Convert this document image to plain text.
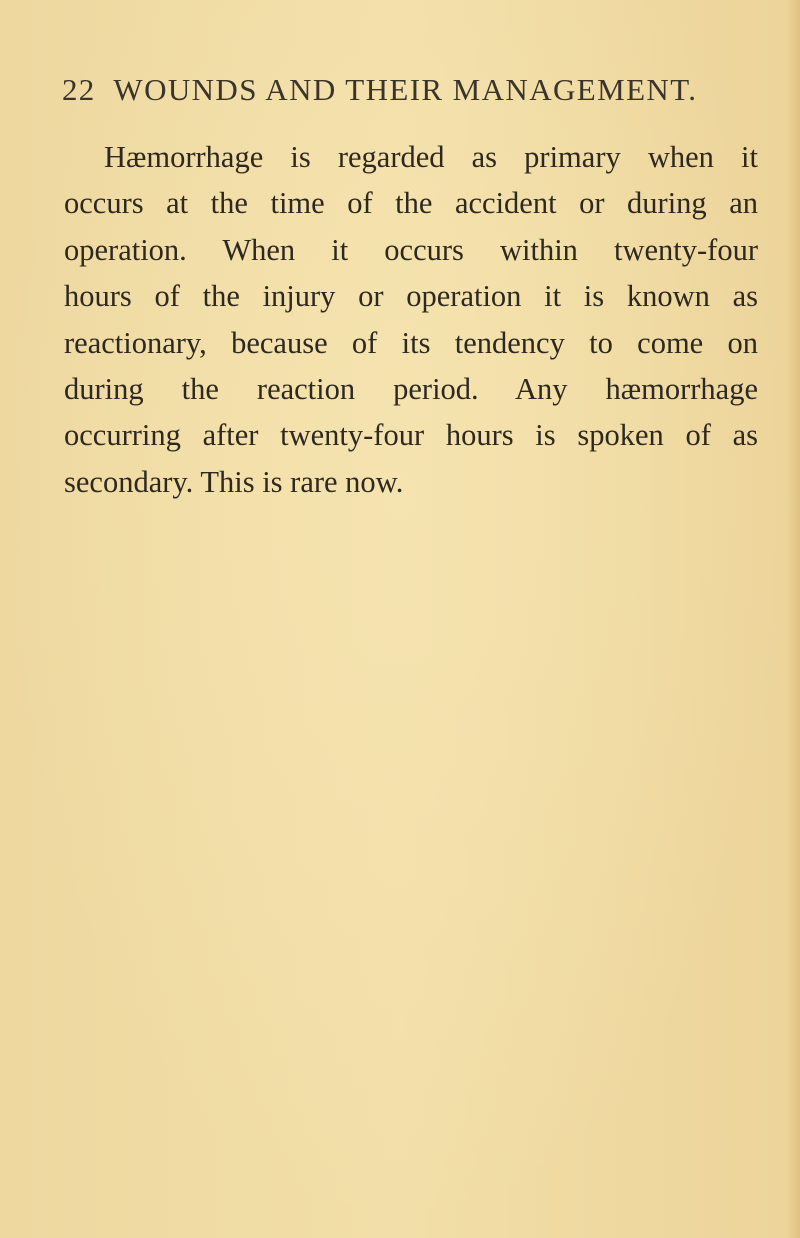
22 WOUNDS AND THEIR MANAGEMENT.
Hæmorrhage is regarded as primary when it
occurs at the time of the accident or during an
operation. When it occurs within twenty-four
hours of the injury or operation it is known as
reactionary, because of its tendency to come on
during the reaction period. Any hæmorrhage
occurring after twenty-four hours is spoken of as
secondary. This is rare now.
